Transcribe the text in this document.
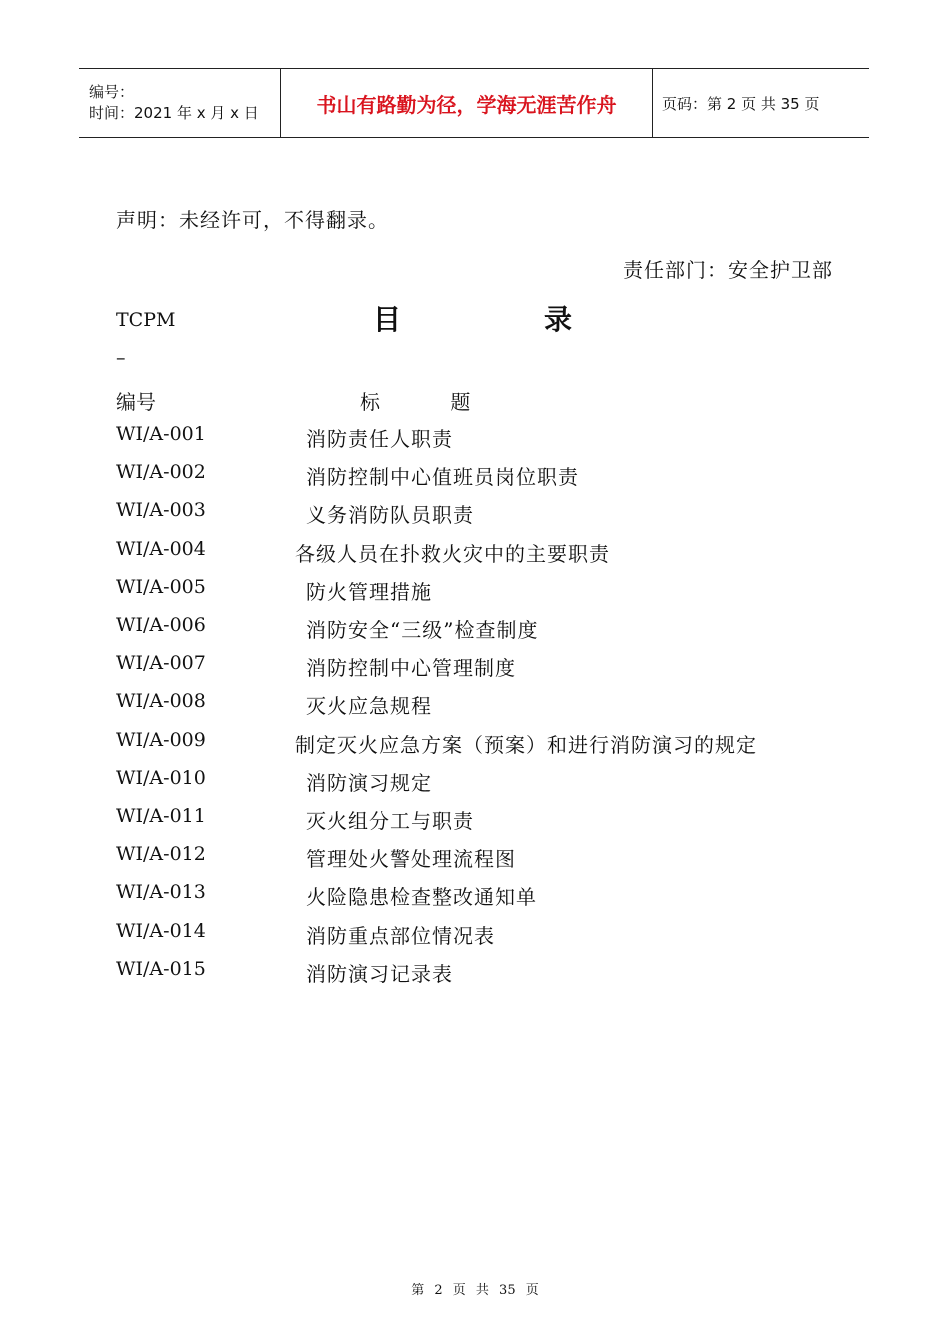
编号：
时间：2021 年 x 月 x 日	书山有路勤为径，学海无涯苦作舟	页码：第 2 页 共 35 页
声明：未经许可，不得翻录。
责任部门：安全护卫部
TCPM
–
目	录
编号	标 题
WI/A-001	消防责任人职责
WI/A-002	消防控制中心值班员岗位职责
WI/A-003	义务消防队员职责
WI/A-004	各级人员在扑救火灾中的主要职责
WI/A-005	防火管理措施
WI/A-006	消防安全“三级”检查制度
WI/A-007	消防控制中心管理制度
WI/A-008	灭火应急规程
WI/A-009	制定灭火应急方案（预案）和进行消防演习的规定
WI/A-010	消防演习规定
WI/A-011	灭火组分工与职责
WI/A-012	管理处火警处理流程图
WI/A-013	火险隐患检查整改通知单
WI/A-014	消防重点部位情况表
WI/A-015	消防演习记录表
第 2 页 共 35 页
